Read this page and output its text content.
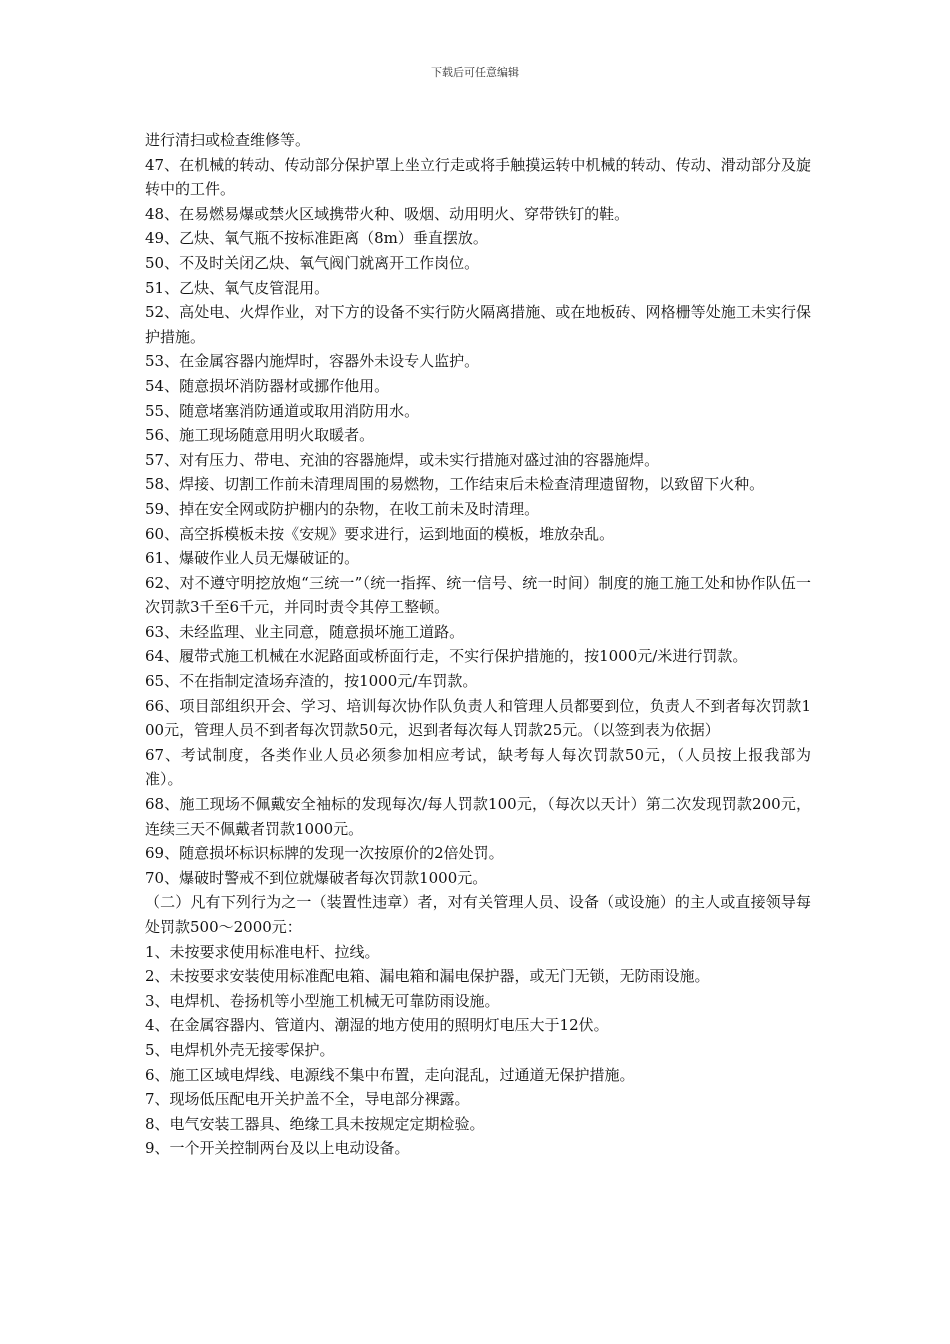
下载后可任意编辑

进行清扫或检查维修等。

47、在机械的转动、传动部分保护罩上坐立行走或将手触摸运转中机械的转动、传动、滑动部分及旋转中的工件。

48、在易燃易爆或禁火区域携带火种、吸烟、动用明火、穿带铁钉的鞋。

49、乙炔、氧气瓶不按标准距离（8m）垂直摆放。

50、不及时关闭乙炔、氧气阀门就离开工作岗位。

51、乙炔、氧气皮管混用。

52、高处电、火焊作业，对下方的设备不实行防火隔离措施、或在地板砖、网格栅等处施工未实行保护措施。

53、在金属容器内施焊时，容器外未设专人监护。

54、随意损坏消防器材或挪作他用。

55、随意堵塞消防通道或取用消防用水。

56、施工现场随意用明火取暖者。

57、对有压力、带电、充油的容器施焊，或未实行措施对盛过油的容器施焊。

58、焊接、切割工作前未清理周围的易燃物，工作结束后未检查清理遗留物，以致留下火种。

59、掉在安全网或防护棚内的杂物，在收工前未及时清理。

60、高空拆模板未按《安规》要求进行，运到地面的模板，堆放杂乱。

61、爆破作业人员无爆破证的。

62、对不遵守明挖放炮“三统一”（统一指挥、统一信号、统一时间）制度的施工施工处和协作队伍一次罚款3千至6千元，并同时责令其停工整顿。

63、未经监理、业主同意，随意损坏施工道路。

64、履带式施工机械在水泥路面或桥面行走，不实行保护措施的，按1000元/米进行罚款。

65、不在指制定渣场弃渣的，按1000元/车罚款。

66、项目部组织开会、学习、培训每次协作队负责人和管理人员都要到位，负责人不到者每次罚款100元，管理人员不到者每次罚款50元，迟到者每次每人罚款25元。（以签到表为依据）

67、考试制度，各类作业人员必须参加相应考试，缺考每人每次罚款50元，（人员按上报我部为准）。

68、施工现场不佩戴安全袖标的发现每次/每人罚款100元，（每次以天计）第二次发现罚款200元，连续三天不佩戴者罚款1000元。

69、随意损坏标识标牌的发现一次按原价的2倍处罚。

70、爆破时警戒不到位就爆破者每次罚款1000元。

（二）凡有下列行为之一（装置性违章）者，对有关管理人员、设备（或设施）的主人或直接领导每处罚款500～2000元：

1、未按要求使用标准电杆、拉线。

2、未按要求安装使用标准配电箱、漏电箱和漏电保护器，或无门无锁，无防雨设施。

3、电焊机、卷扬机等小型施工机械无可靠防雨设施。

4、在金属容器内、管道内、潮湿的地方使用的照明灯电压大于12伏。

5、电焊机外壳无接零保护。

6、施工区域电焊线、电源线不集中布置，走向混乱，过通道无保护措施。

7、现场低压配电开关护盖不全，导电部分裸露。

8、电气安装工器具、绝缘工具未按规定定期检验。

9、一个开关控制两台及以上电动设备。
